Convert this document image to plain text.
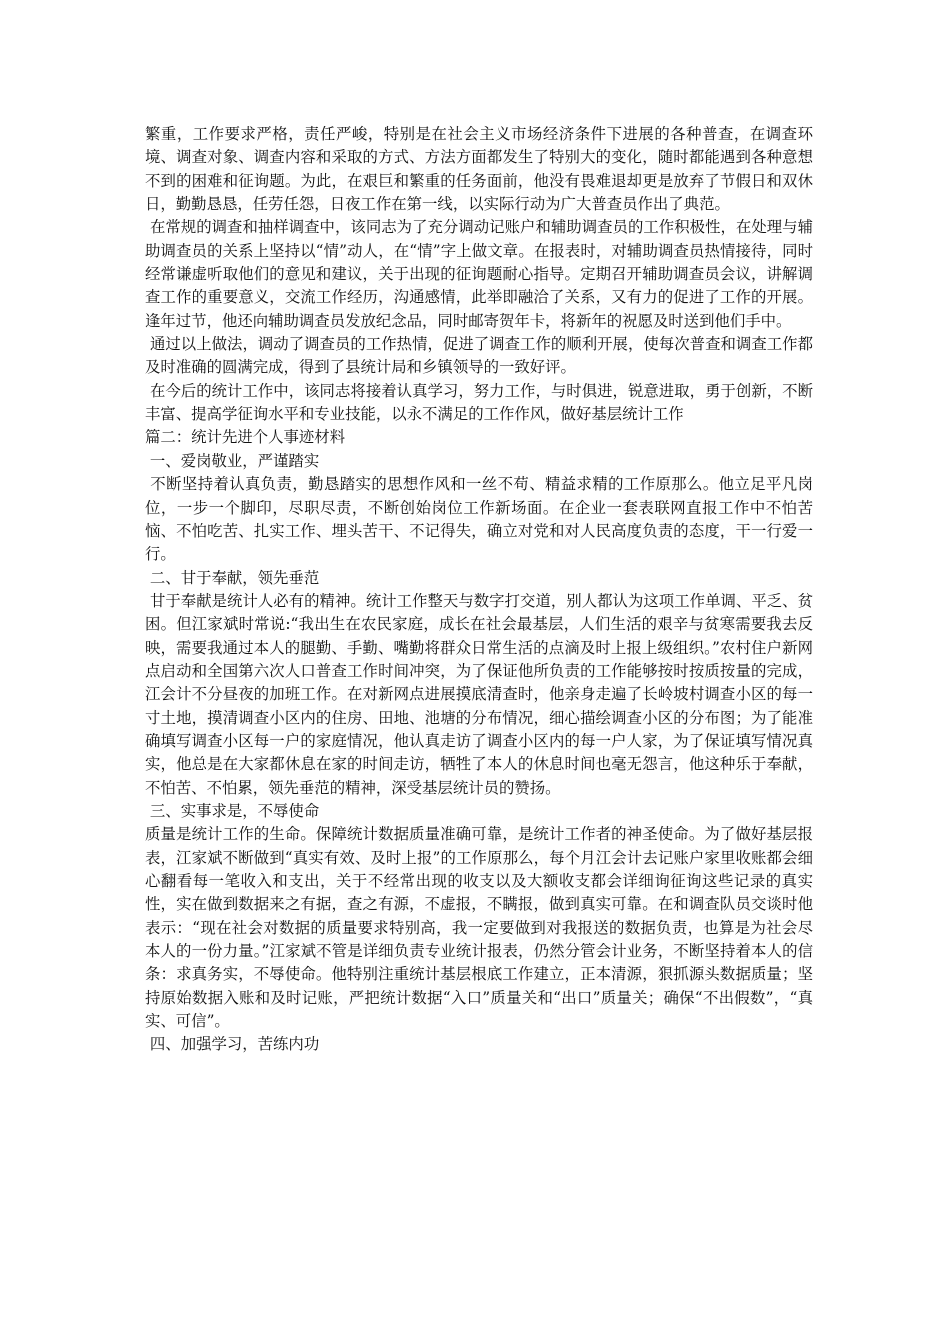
繁重，工作要求严格，责任严峻，特别是在社会主义市场经济条件下进展的各种普查，在调查环境、调查对象、调查内容和采取的方式、方法方面都发生了特别大的变化，随时都能遇到各种意想不到的困难和征询题。为此，在艰巨和繁重的任务面前，他没有畏难退却更是放弃了节假日和双休日，勤勤恳恳，任劳任怨，日夜工作在第一线，以实际行动为广大普查员作出了典范。

在常规的调查和抽样调查中，该同志为了充分调动记账户和辅助调查员的工作积极性，在处理与辅助调查员的关系上坚持以“情”动人，在“情”字上做文章。在报表时，对辅助调查员热情接待，同时经常谦虚听取他们的意见和建议，关于出现的征询题耐心指导。定期召开辅助调查员会议，讲解调查工作的重要意义，交流工作经历，沟通感情，此举即融洽了关系，又有力的促进了工作的开展。逢年过节，他还向辅助调查员发放纪念品，同时邮寄贺年卡，将新年的祝愿及时送到他们手中。

通过以上做法，调动了调查员的工作热情，促进了调查工作的顺利开展，使每次普查和调查工作都及时准确的圆满完成，得到了县统计局和乡镇领导的一致好评。

在今后的统计工作中，该同志将接着认真学习，努力工作，与时俱进，锐意进取，勇于创新，不断丰富、提高学征询水平和专业技能，以永不满足的工作作风，做好基层统计工作

篇二：统计先进个人事迹材料

一、爱岗敬业，严谨踏实

不断坚持着认真负责，勤恳踏实的思想作风和一丝不苟、精益求精的工作原那么。他立足平凡岗位，一步一个脚印，尽职尽责，不断创始岗位工作新场面。在企业一套表联网直报工作中不怕苦恼、不怕吃苦、扎实工作、埋头苦干、不记得失，确立对党和对人民高度负责的态度，干一行爱一行。

二、甘于奉献，领先垂范

甘于奉献是统计人必有的精神。统计工作整天与数字打交道，别人都认为这项工作单调、平乏、贫困。但江家斌时常说:“我出生在农民家庭，成长在社会最基层，人们生活的艰辛与贫寒需要我去反映，需要我通过本人的腿勤、手勤、嘴勤将群众日常生活的点滴及时上报上级组织。”农村住户新网点启动和全国第六次人口普查工作时间冲突，为了保证他所负责的工作能够按时按质按量的完成，江会计不分昼夜的加班工作。在对新网点进展摸底清查时，他亲身走遍了长岭坡村调查小区的每一寸土地，摸清调查小区内的住房、田地、池塘的分布情况，细心描绘调查小区的分布图；为了能准确填写调查小区每一户的家庭情况，他认真走访了调查小区内的每一户人家，为了保证填写情况真实，他总是在大家都休息在家的时间走访，牺牲了本人的休息时间也毫无怨言，他这种乐于奉献，不怕苦、不怕累，领先垂范的精神，深受基层统计员的赞扬。

三、实事求是，不辱使命

质量是统计工作的生命。保障统计数据质量准确可靠，是统计工作者的神圣使命。为了做好基层报表，江家斌不断做到“真实有效、及时上报”的工作原那么，每个月江会计去记账户家里收账都会细心翻看每一笔收入和支出，关于不经常出现的收支以及大额收支都会详细询征询这些记录的真实性，实在做到数据来之有据，查之有源，不虚报，不瞒报，做到真实可靠。在和调查队员交谈时他表示：“现在社会对数据的质量要求特别高，我一定要做到对我报送的数据负责，也算是为社会尽本人的一份力量。”江家斌不管是详细负责专业统计报表，仍然分管会计业务，不断坚持着本人的信条：求真务实，不辱使命。他特别注重统计基层根底工作建立，正本清源，狠抓源头数据质量；坚持原始数据入账和及时记账，严把统计数据“入口”质量关和“出口”质量关；确保“不出假数”，“真实、可信”。

四、加强学习，苦练内功
